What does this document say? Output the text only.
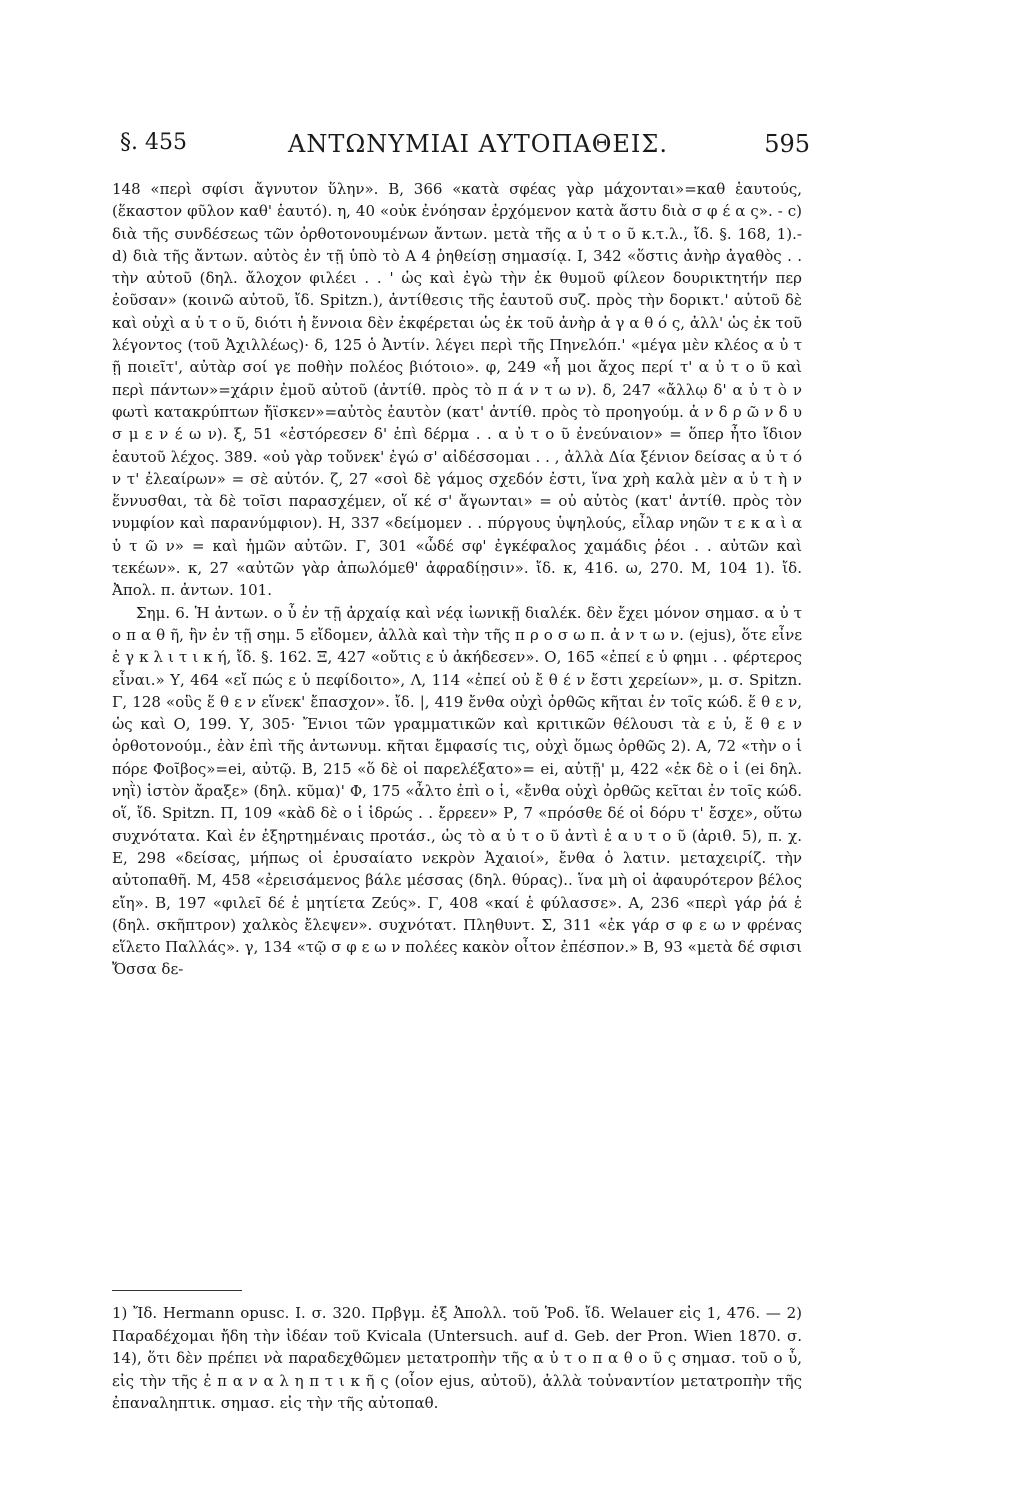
§. 455	ΑΝΤΩΝΥΜΙΑΙ ΑΥΤΟΠΑΘΕΙΣ.	595

148 «περὶ σφίσι ἄγνυτον ὕλην». Β, 366 «κατὰ σφέας γὰρ μάχονται»=καθ ἑαυτούς, (ἕκαστον φῦλον καθ' ἑαυτό). η, 40 «οὐκ ἐνόησαν ἐρχόμενον κατὰ ἄστυ διὰ σ φ έ α ς». - c) διὰ τῆς συνδέσεως τῶν ὀρθοτονουμένων ἄντων. μετὰ τῆς α ὐ τ ο ῦ κ.τ.λ., ἴδ. §. 168, 1).- d) διὰ τῆς ἄντων. αὐτὸς ἐν τῇ ὑπὸ τὸ Α 4 ῥηθείσῃ σημασίᾳ. Ι, 342 «ὅστις ἀνὴρ ἀγαθὸς . . τὴν αὐτοῦ (δηλ. ἄλοχον φιλέει . . ' ὡς καὶ ἐγὼ τὴν ἐκ θυμοῦ φίλεον δουρικτητήν περ ἐοῦσαν» (κοινῶ αὐτοῦ, ἴδ. Spitzn.), ἀντίθεσις τῆς ἑαυτοῦ συζ. πρὸς τὴν δορικτ.' αὐτοῦ δὲ καὶ οὐχὶ α ὑ τ ο ῦ, διότι ἡ ἔννοια δὲν ἐκφέρεται ὡς ἐκ τοῦ ἀνὴρ ἀ γ α θ ό ς, ἀλλ' ὡς ἐκ τοῦ λέγοντος (τοῦ Ἀχιλλέως)· δ, 125 ὁ Ἀντίν. λέγει περὶ τῆς Πηνελόπ.' «μέγα μὲν κλέος α ὐ τ ῇ ποιεῖτ', αὐτὰρ σοί γε ποθὴν πολέος βιότοιο». φ, 249 «ἦ μοι ἄχος περί τ' α ὐ τ ο ῦ καὶ περὶ πάντων»=χάριν ἐμοῦ αὐτοῦ (ἀντίθ. πρὸς τὸ π ά ν τ ω ν). δ, 247 «ἄλλῳ δ' α ὐ τ ὸ ν φωτὶ κατακρύπτων ἤϊσκεν»=αὐτὸς ἑαυτὸν (κατ' ἀντίθ. πρὸς τὸ προηγούμ. ἀ ν δ ρ ῶ ν δ υ σ μ ε ν έ ω ν). ξ, 51 «ἐστόρεσεν δ' ἐπὶ δέρμα . . α ὐ τ ο ῦ ἐνεύναιον» = ὅπερ ἦτο ἴδιον ἑαυτοῦ λέχος. 389. «οὐ γὰρ τοὔνεκ' ἐγώ σ' αἰδέσσομαι . . , ἀλλὰ Δία ξένιον δείσας α ὐ τ ό ν τ' ἐλεαίρων» = σὲ αὐτόν. ζ, 27 «σοὶ δὲ γάμος σχεδόν ἐστι, ἵνα χρὴ καλὰ μὲν α ὐ τ ὴ ν ἕννυσθαι, τὰ δὲ τοῖσι παρασχέμεν, οἵ κέ σ' ἄγωνται» = οὐ αὐτὸς (κατ' ἀντίθ. πρὸς τὸν νυμφίον καὶ παρανύμφιον). Η, 337 «δείμομεν . . πύργους ὑψηλούς, εἶλαρ νηῶν τ ε κ α ὶ α ὐ τ ῶ ν» = καὶ ἡμῶν αὐτῶν. Γ, 301 «ὧδέ σφ' ἐγκέφαλος χαμάδις ῥέοι . . αὐτῶν καὶ τεκέων». κ, 27 «αὐτῶν γὰρ ἀπωλόμεθ' ἀφραδίῃσιν». ἴδ. κ, 416. ω, 270. Μ, 104 1). ἴδ. Ἀπολ. π. ἀντων. 101.

Σημ. 6. Ἡ ἀντων. ο ὗ ἐν τῇ ἀρχαίᾳ καὶ νέᾳ ἰωνικῇ διαλέκ. δὲν ἔχει μόνον σημασ. α ὐ τ ο π α θ ῆ, ἣν ἐν τῇ σημ. 5 εἴδομεν, ἀλλὰ καὶ τὴν τῆς π ρ ο σ ω π. ἀ ν τ ω ν. (ejus), ὅτε εἶνε ἐ γ κ λ ι τ ι κ ή, ἴδ. §. 162. Ξ, 427 «οὔτις ε ὑ ἀκήδεσεν». Ο, 165 «ἐπεί ε ὑ φημι . . φέρτερος εἶναι.» Υ, 464 «εἴ πώς ε ὑ πεφίδοιτο», Λ, 114 «ἐπεί οὐ ἔ θ έ ν ἔστι χερείων», μ. σ. Spitzn. Γ, 128 «οὓς ἕ θ ε ν εἵνεκ' ἔπασχον». ἴδ. |, 419 ἔνθα οὐχὶ ὀρθῶς κῆται ἐν τοῖς κώδ. ἕ θ ε ν, ὡς καὶ Ο, 199. Υ, 305· Ἔνιοι τῶν γραμματικῶν καὶ κριτικῶν θέλουσι τὰ ε ὑ, ἕ θ ε ν ὀρθοτονούμ., ἐὰν ἐπὶ τῆς ἀντωνυμ. κῆται ἔμφασίς τις, οὐχὶ ὅμως ὀρθῶς 2). Α, 72 «τὴν ο ἱ πόρε Φοῖβος»=ei, αὐτῷ. Β, 215 «ὅ δὲ οἱ παρελέξατο»= ei, αὐτῇ' μ, 422 «ἐκ δὲ ο ἱ (ei δηλ. νηῒ) ἱστὸν ἄραξε» (δηλ. κῦμα)' Φ, 175 «ἆλτο ἐπὶ ο ἱ, «ἔνθα οὐχὶ ὀρθῶς κεῖται ἐν τοῖς κώδ. οἵ, ἴδ. Spitzn. Π, 109 «κὰδ δὲ ο ἱ ἱδρώς . . ἔρρεεν» Ρ, 7 «πρόσθε δέ οἱ δόρυ τ' ἔσχε», οὕτω συχνότατα. Καὶ ἐν ἐξηρτημέναις προτάσ., ὡς τὸ α ὐ τ ο ῦ ἀντὶ ἑ α υ τ ο ῦ (ἀριθ. 5), π. χ. Ε, 298 «δείσας, μήπως οἱ ἐρυσαίατο νεκρὸν Ἀχαιοί», ἔνθα ὁ λατιν. μεταχειρίζ. τὴν αὐτοπαθῆ. Μ, 458 «ἐρεισάμενος βάλε μέσσας (δηλ. θύρας).. ἵνα μὴ οἱ ἀφαυρότερον βέλος εἴη». Β, 197 «φιλεῖ δέ ἑ μητίετα Ζεύς». Γ, 408 «καί ἑ φύλασσε». Α, 236 «περὶ γάρ ῥά ἑ (δηλ. σκῆπτρον) χαλκὸς ἔλεψεν». συχνότατ. Πληθυντ. Σ, 311 «ἐκ γάρ σ φ ε ω ν φρένας εἵλετο Παλλάς». γ, 134 «τῷ σ φ ε ω ν πολέες κακὸν οἶτον ἐπέσπον.» Β, 93 «μετὰ δέ σφισι Ὄσσα δε-

1) Ἴδ. Hermann opusc. I. σ. 320. Πρβγμ. ἐξ Ἀπολλ. τοῦ Ῥοδ. ἴδ. Welauer εἰς 1, 476. — 2) Παραδέχομαι ἤδη τὴν ἰδέαν τοῦ Kvicala (Untersuch. auf d. Geb. der Pron. Wien 1870. σ. 14), ὅτι δὲν πρέπει νὰ παραδεχθῶμεν μετατροπὴν τῆς α ὐ τ ο π α θ ο ῦ ς σημασ. τοῦ ο ὗ, εἰς τὴν τῆς ἐ π α ν α λ η π τ ι κ ῆ ς (οἷον ejus, αὐτοῦ), ἀλλὰ τοὐναντίον μετατροπὴν τῆς ἐπαναληπτικ. σημασ. εἰς τὴν τῆς αὐτοπαθ.
